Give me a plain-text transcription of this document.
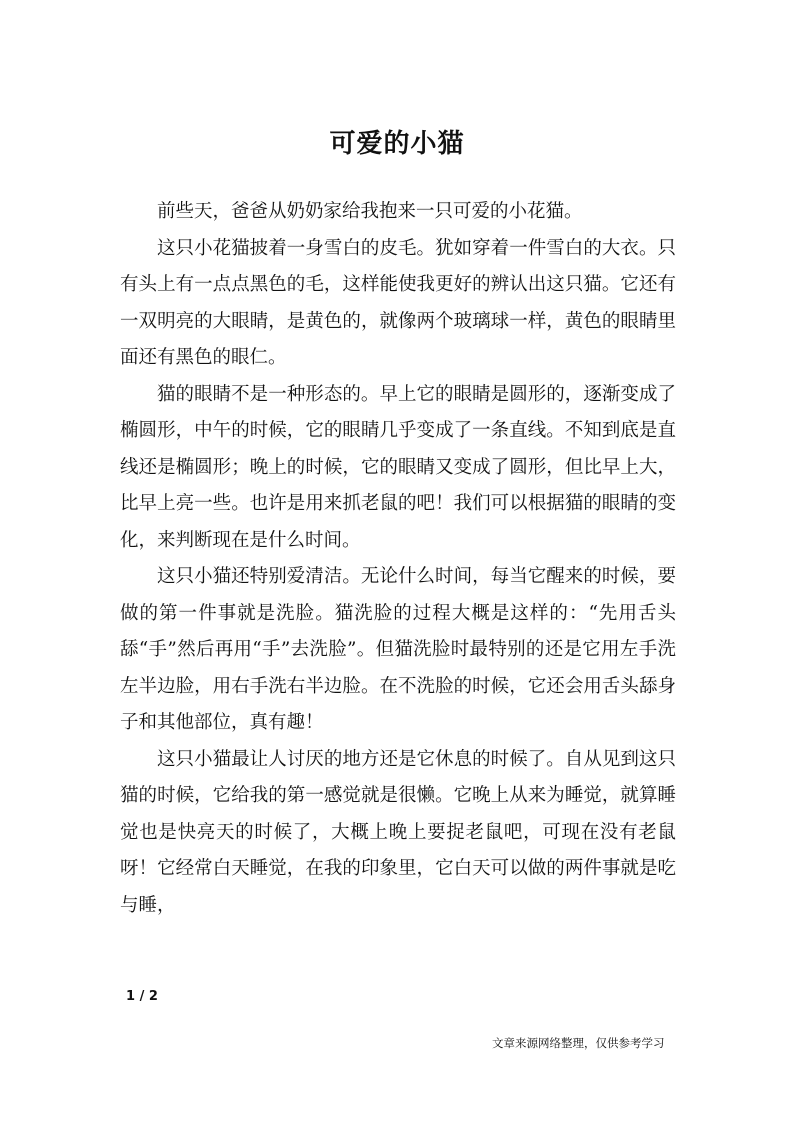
可爱的小猫

前些天，爸爸从奶奶家给我抱来一只可爱的小花猫。

这只小花猫披着一身雪白的皮毛。犹如穿着一件雪白的大衣。只有头上有一点点黑色的毛，这样能使我更好的辨认出这只猫。它还有一双明亮的大眼睛，是黄色的，就像两个玻璃球一样，黄色的眼睛里面还有黑色的眼仁。

猫的眼睛不是一种形态的。早上它的眼睛是圆形的，逐渐变成了椭圆形，中午的时候，它的眼睛几乎变成了一条直线。不知到底是直线还是椭圆形；晚上的时候，它的眼睛又变成了圆形，但比早上大，比早上亮一些。也许是用来抓老鼠的吧！我们可以根据猫的眼睛的变化，来判断现在是什么时间。

这只小猫还特别爱清洁。无论什么时间，每当它醒来的时候，要做的第一件事就是洗脸。猫洗脸的过程大概是这样的：“先用舌头舔“手”然后再用“手”去洗脸”。但猫洗脸时最特别的还是它用左手洗左半边脸，用右手洗右半边脸。在不洗脸的时候，它还会用舌头舔身子和其他部位，真有趣！

这只小猫最让人讨厌的地方还是它休息的时候了。自从见到这只猫的时候，它给我的第一感觉就是很懒。它晚上从来为睡觉，就算睡觉也是快亮天的时候了，大概上晚上要捉老鼠吧，可现在没有老鼠呀！它经常白天睡觉，在我的印象里，它白天可以做的两件事就是吃与睡，

1 / 2
文章来源网络整理，仅供参考学习
